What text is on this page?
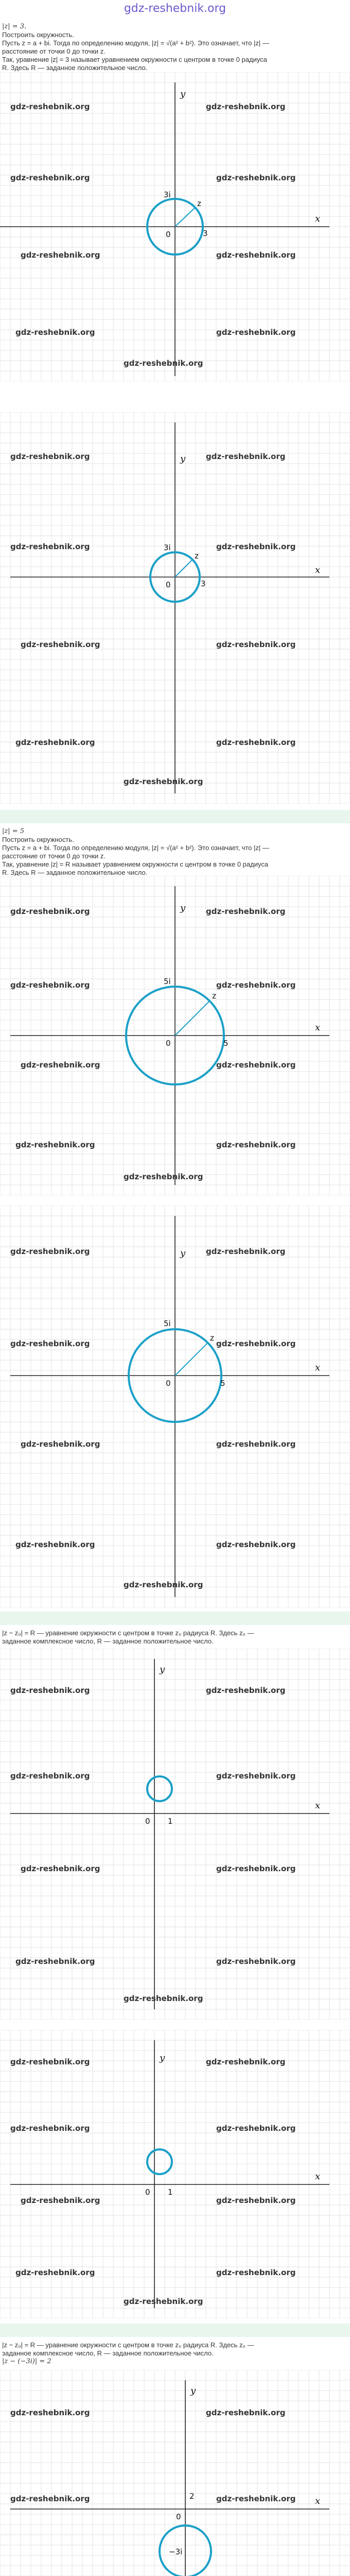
gdz-reshebnik.org

|z| = 3.

Построить окружность.

Пусть z = a + bi. Тогда по определению модуля, |z| = √(a² + b²). Это означает, что |z| —

расстояние от точки 0 до точки z.

Так, уравнение |z| = 3 называет уравнением окружности с центром в точке 0 радиуса

R. Здесь R — заданное положительное число.

x
y
0
3i
3
z
gdz-reshebnik.org	gdz-reshebnik.org
gdz-reshebnik.org	gdz-reshebnik.org
gdz-reshebnik.org	gdz-reshebnik.org
gdz-reshebnik.org	gdz-reshebnik.org
gdz-reshebnik.org
x
y
0
3i
3
z
gdz-reshebnik.org	gdz-reshebnik.org
gdz-reshebnik.org	gdz-reshebnik.org
gdz-reshebnik.org	gdz-reshebnik.org
gdz-reshebnik.org	gdz-reshebnik.org
gdz-reshebnik.org

|z| = 5

Построить окружность.

Пусть z = a + bi. Тогда по определению модуля, |z| = √(a² + b²). Это означает, что |z| —

расстояние от точки 0 до точки z.

Так, уравнение |z| = R называет уравнением окружности с центром в точке 0 радиуса

R. Здесь R — заданное положительное число.

x
y
0
5i
5
z
gdz-reshebnik.org	gdz-reshebnik.org
gdz-reshebnik.org	gdz-reshebnik.org
gdz-reshebnik.org	gdz-reshebnik.org
gdz-reshebnik.org	gdz-reshebnik.org
gdz-reshebnik.org
x
y
0
5i
5
z
gdz-reshebnik.org	gdz-reshebnik.org
gdz-reshebnik.org	gdz-reshebnik.org
gdz-reshebnik.org	gdz-reshebnik.org
gdz-reshebnik.org	gdz-reshebnik.org
gdz-reshebnik.org

|z − z₀| = R — уравнение окружности с центром в точке z₀ радиуса R. Здесь z₀ —

заданное комплексное число, R — заданное положительное число.

x
y
0 1
gdz-reshebnik.org	gdz-reshebnik.org
gdz-reshebnik.org	gdz-reshebnik.org
gdz-reshebnik.org	gdz-reshebnik.org
gdz-reshebnik.org	gdz-reshebnik.org
gdz-reshebnik.org
x
y
0 1
gdz-reshebnik.org	gdz-reshebnik.org
gdz-reshebnik.org	gdz-reshebnik.org
gdz-reshebnik.org	gdz-reshebnik.org
gdz-reshebnik.org	gdz-reshebnik.org
gdz-reshebnik.org

|z − z₀| = R — уравнение окружности с центром в точке z₀ радиуса R. Здесь z₀ —

заданное комплексное число, R — заданное положительное число.

|z − (−3i)| = 2

x
y
0
2
−3i
gdz-reshebnik.org	gdz-reshebnik.org
gdz-reshebnik.org	gdz-reshebnik.org
